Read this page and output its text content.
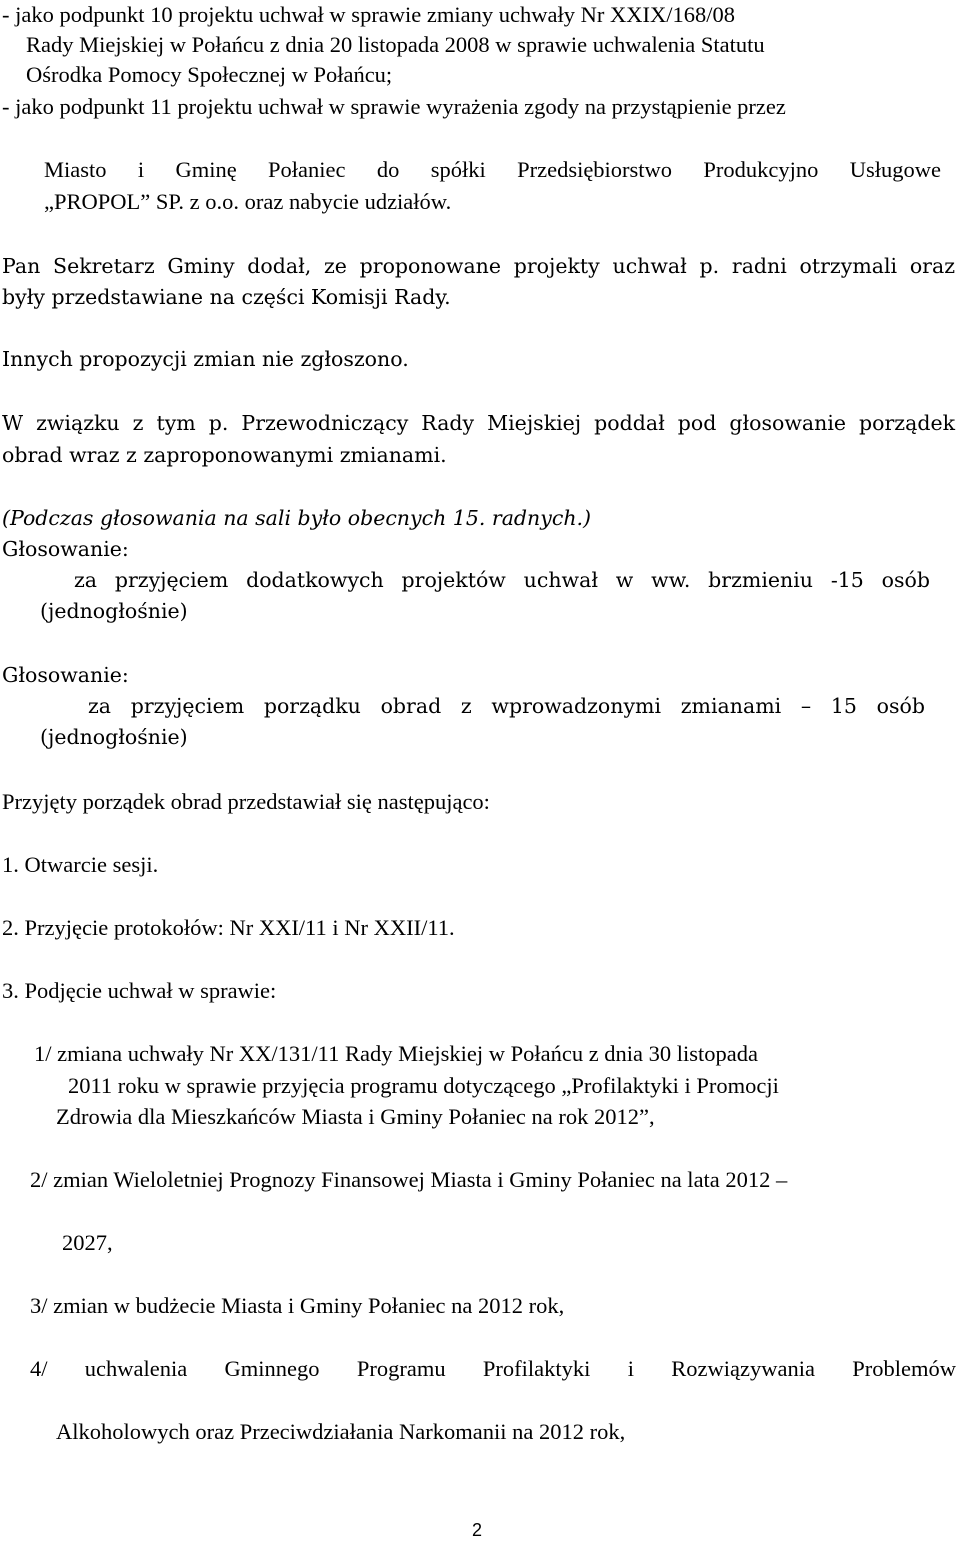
- jako podpunkt 10 projektu uchwał w sprawie zmiany uchwały Nr XXIX/168/08

Rady Miejskiej w Połańcu z dnia 20 listopada 2008 w sprawie uchwalenia Statutu

Ośrodka Pomocy Społecznej w Połańcu;

- jako podpunkt 11 projektu uchwał w sprawie wyrażenia zgody na przystąpienie przez

Miasto i Gminę Połaniec do spółki Przedsiębiorstwo Produkcyjno Usługowe

„PROPOL” SP. z o.o. oraz nabycie udziałów.

Pan Sekretarz Gminy dodał, ze proponowane projekty uchwał p. radni otrzymali oraz

były przedstawiane na części Komisji Rady.

Innych propozycji zmian nie zgłoszono.

W związku z tym p. Przewodniczący Rady Miejskiej poddał pod głosowanie porządek

obrad wraz z zaproponowanymi zmianami.

(Podczas głosowania na sali było obecnych 15. radnych.)

Głosowanie:

za przyjęciem dodatkowych projektów uchwał w ww. brzmieniu -15 osób

(jednogłośnie)

Głosowanie:

za przyjęciem porządku obrad z wprowadzonymi zmianami – 15 osób

(jednogłośnie)

Przyjęty porządek obrad przedstawiał się następująco:

1. Otwarcie sesji.

2. Przyjęcie protokołów: Nr XXI/11 i Nr XXII/11.

3. Podjęcie uchwał w sprawie:

1/ zmiana uchwały Nr XX/131/11 Rady Miejskiej w Połańcu z dnia 30 listopada

2011 roku w sprawie przyjęcia programu dotyczącego „Profilaktyki i Promocji

Zdrowia dla Mieszkańców Miasta i Gminy Połaniec na rok 2012”,

2/ zmian Wieloletniej Prognozy Finansowej Miasta i Gminy Połaniec na lata 2012 –

2027,

3/ zmian w budżecie Miasta i Gminy Połaniec na 2012 rok,

4/ uchwalenia Gminnego Programu Profilaktyki i Rozwiązywania Problemów

Alkoholowych oraz Przeciwdziałania Narkomanii na 2012 rok,

2
